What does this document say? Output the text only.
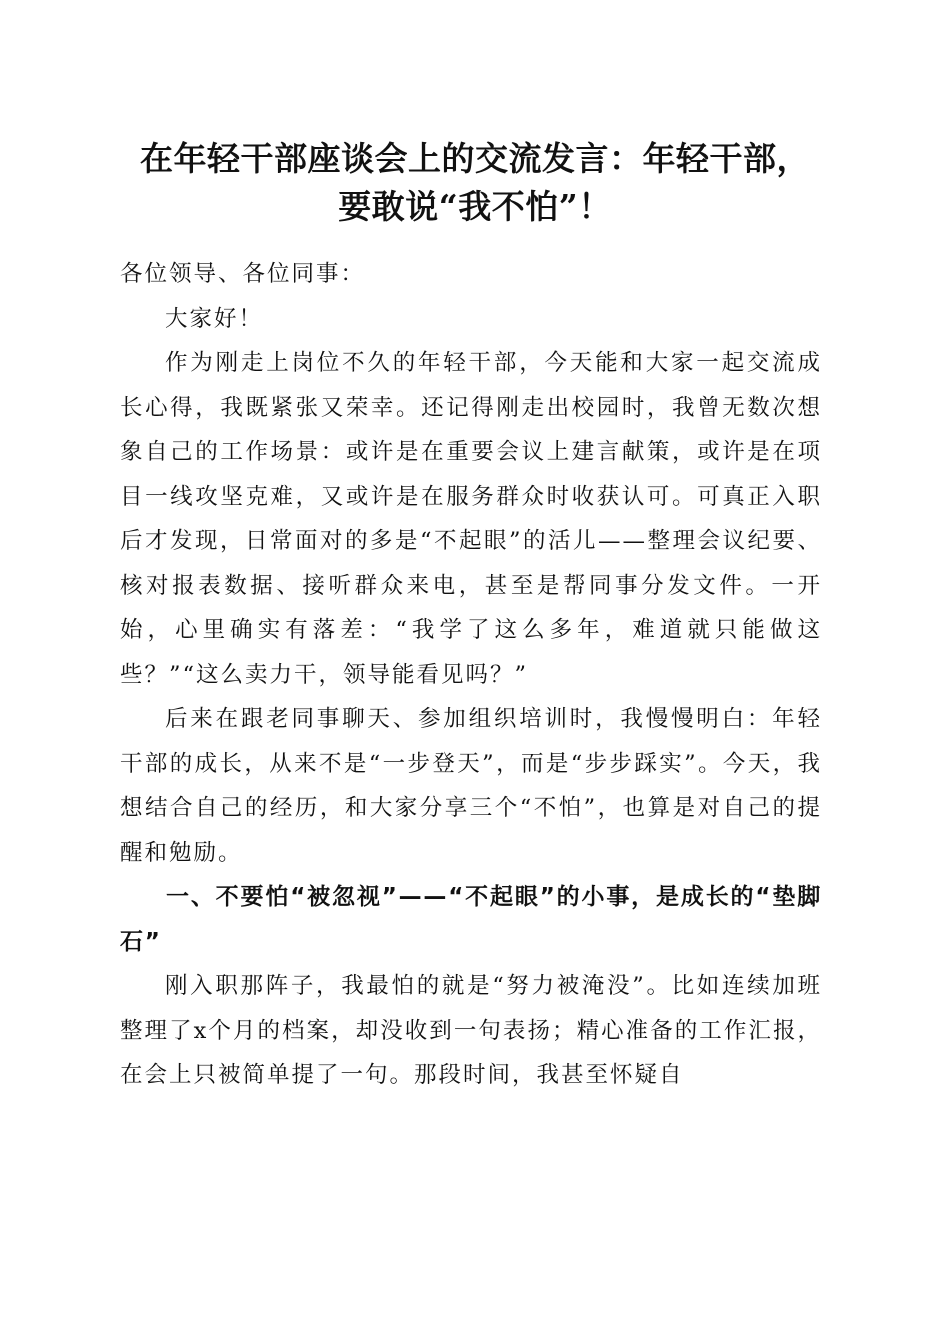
在年轻干部座谈会上的交流发言：年轻干部，
要敢说“我不怕”！

各位领导、各位同事：

大家好！

作为刚走上岗位不久的年轻干部，今天能和大家一起交流成长心得，我既紧张又荣幸。还记得刚走出校园时，我曾无数次想象自己的工作场景：或许是在重要会议上建言献策，或许是在项目一线攻坚克难，又或许是在服务群众时收获认可。可真正入职后才发现，日常面对的多是“不起眼”的活儿——整理会议纪要、核对报表数据、接听群众来电，甚至是帮同事分发文件。一开始，心里确实有落差：“我学了这么多年，难道就只能做这些？”“这么卖力干，领导能看见吗？”

后来在跟老同事聊天、参加组织培训时，我慢慢明白：年轻干部的成长，从来不是“一步登天”，而是“步步踩实”。今天，我想结合自己的经历，和大家分享三个“不怕”，也算是对自己的提醒和勉励。

一、不要怕“被忽视”——“不起眼”的小事，是成长的“垫脚石”

刚入职那阵子，我最怕的就是“努力被淹没”。比如连续加班整理了x个月的档案，却没收到一句表扬；精心准备的工作汇报，在会上只被简单提了一句。那段时间，我甚至怀疑自
